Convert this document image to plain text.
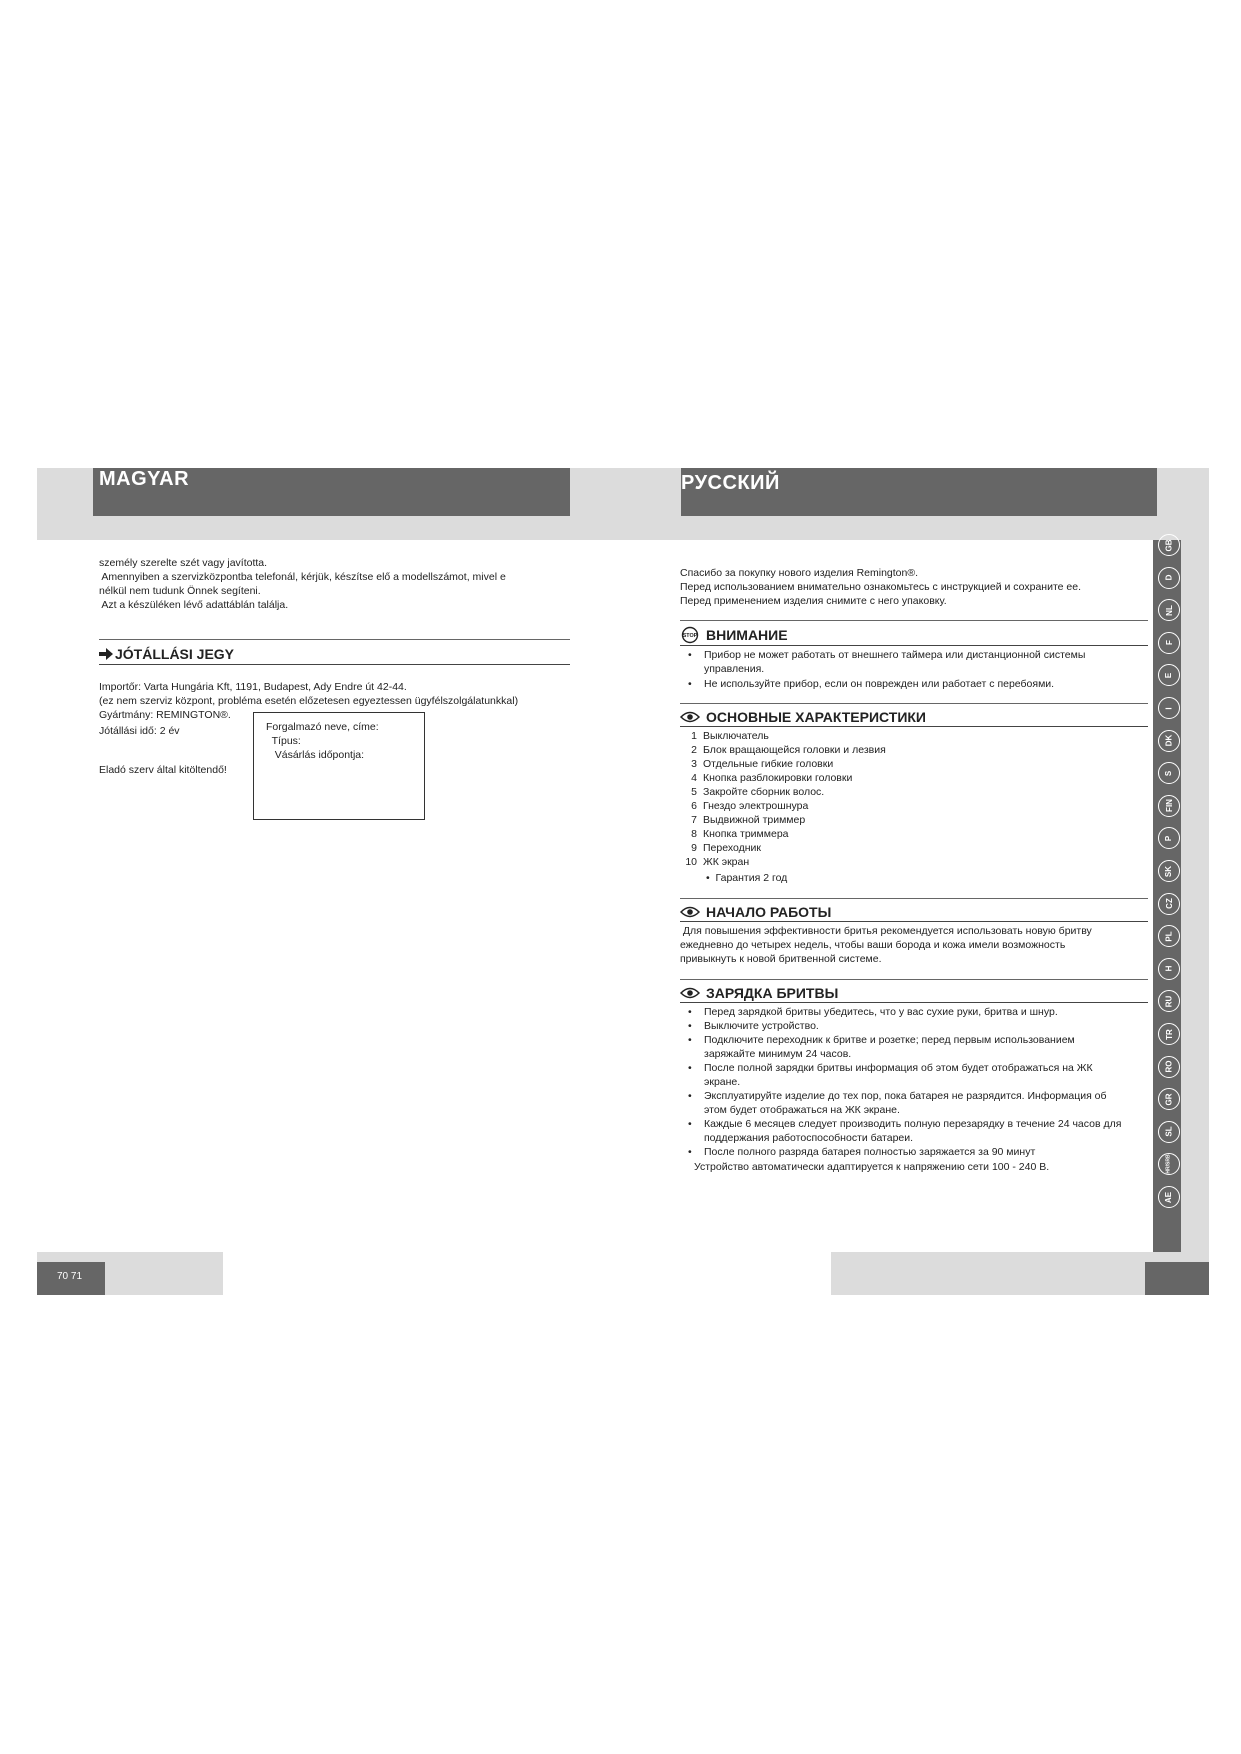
MAGYAR	РУССКИЙ
GB
D
NL
F
E
I
DK
S
FIN
P
SK
CZ
PL
H
RU
TR
RO
GR
SL
HR/SRB
AE
személy szerelte szét vagy javította.
Amennyiben a szervizközpontba telefonál, kérjük, készítse elő a modellszámot, mivel e
nélkül nem tudunk Önnek segíteni.
Azt a készüléken lévő adattáblán találja.
JÓTÁLLÁSI JEGY
Importőr: Varta Hungária Kft, 1191, Budapest, Ady Endre út 42-44.
(ez nem szerviz központ, probléma esetén előzetesen egyeztessen ügyfélszolgálatunkkal)
Gyártmány: REMINGTON®.
Jótállási idő: 2 év
Eladó szerv által kitöltendő!
Forgalmazó neve, címe:
Típus:
Vásárlás időpontja:
Спасибо за покупку нового изделия Remington®.
Перед использованием внимательно ознакомьтесь с инструкцией и сохраните ее.
Перед применением изделия снимите с него упаковку.
STOP ВНИМАНИЕ
• Прибор не может работать от внешнего таймера или дистанционной системы управления.
• Не используйте прибор, если он поврежден или работает с перебоями.
ОСНОВНЫЕ ХАРАКТЕРИСТИКИ
1 Выключатель
2 Блок вращающейся головки и лезвия
3 Отдельные гибкие головки
4 Кнопка разблокировки головки
5 Закройте сборник волос.
6 Гнездо электрошнура
7 Выдвижной триммер
8 Кнопка триммера
9 Переходник
10 ЖК экран
•  Гарантия 2 год
НАЧАЛО РАБОТЫ
Для повышения эффективности бритья рекомендуется использовать новую бритву
ежедневно до четырех недель, чтобы ваши борода и кожа имели возможность
привыкнуть к новой бритвенной системе.
ЗАРЯДКА БРИТВЫ
• Перед зарядкой бритвы убедитесь, что у вас сухие руки, бритва и шнур.
• Выключите устройство.
• Подключите переходник к бритве и розетке; перед первым использованием заряжайте минимум 24 часов.
• После полной зарядки бритвы информация об этом будет отображаться на ЖК экране.
• Эксплуатируйте изделие до тех пор, пока батарея не разрядится. Информация об этом будет отображаться на ЖК экране.
• Каждые 6 месяцев следует производить полную перезарядку в течение 24 часов для поддержания работоспособности батареи.
• После полного разряда батарея полностью заряжается за 90 минут
Устройство автоматически адаптируется к напряжению сети 100 - 240 В.
70 71
